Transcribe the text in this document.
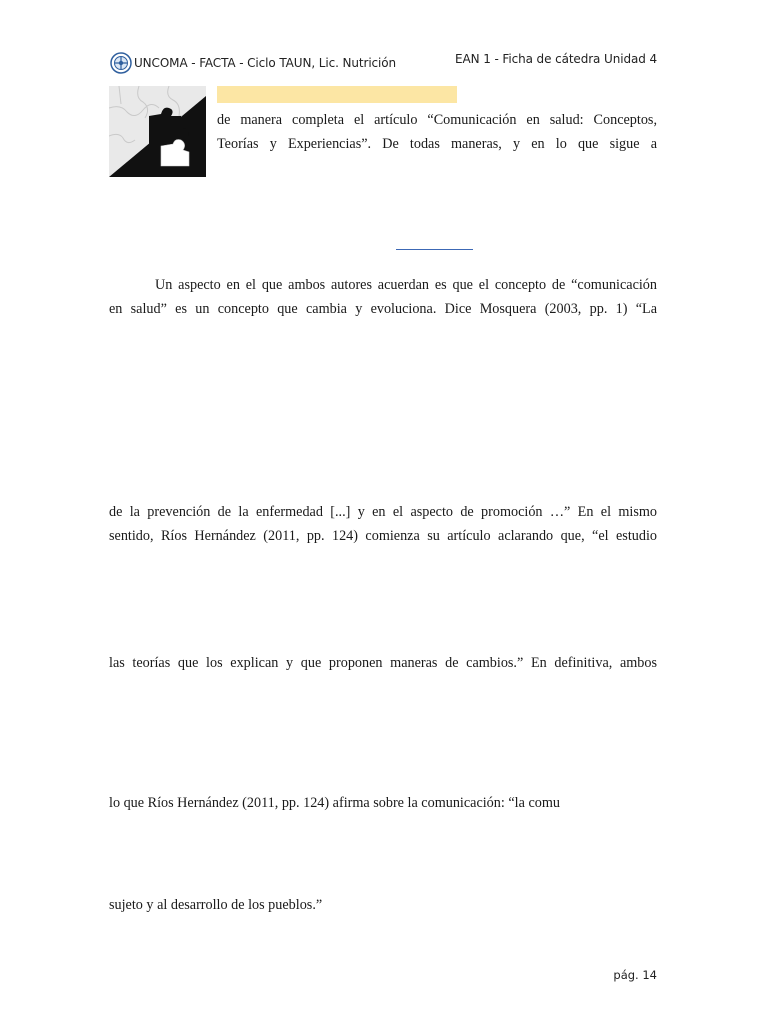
UNCOMA - FACTA - Ciclo TAUN, Lic. Nutrición	EAN 1 - Ficha de cátedra Unidad 4

de manera completa el artículo “Comunicación en salud: Conceptos,

Teorías y Experiencias”. De todas maneras, y en lo que sigue a

Un aspecto en el que ambos autores acuerdan es que el concepto de “comunicación

en salud” es un concepto que cambia y evoluciona. Dice Mosquera (2003, pp. 1) “La

de la prevención de la enfermedad [...] y en el aspecto de promoción …” En el mismo

sentido, Ríos Hernández (2011, pp. 124) comienza su artículo aclarando que, “el estudio

las teorías que los explican y que proponen maneras de cambios.” En definitiva, ambos

lo que Ríos Hernández (2011, pp. 124) afirma sobre la comunicación: “la comu

sujeto y al desarrollo de los pueblos.”

pág. 14
